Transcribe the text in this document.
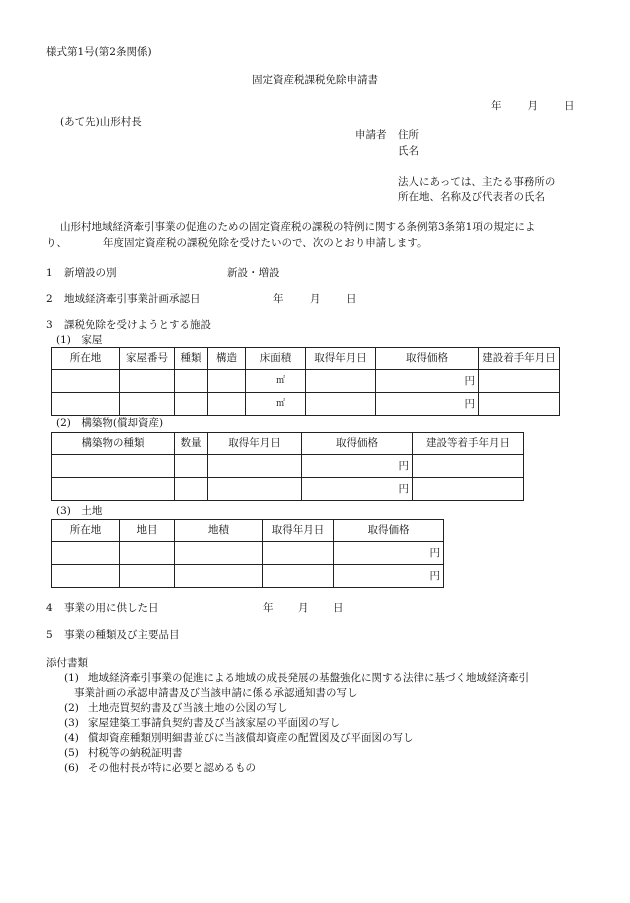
様式第1号(第2条関係)
固定資産税課税免除申請書
年 月 日
(あて先)山形村長
申請者 住所
氏名
法人にあっては、主たる事務所の
所在地、名称及び代表者の氏名
山形村地域経済牽引事業の促進のための固定資産税の課税の特例に関する条例第3条第1項の規定によ
り、	年度固定資産税の課税免除を受けたいので、次のとおり申請します。
1 新増設の別	新設・増設
2 地域経済牽引事業計画承認日	年	月 日
3 課税免除を受けようとする施設
(1)　家屋
所在地	家屋番号	種類	構造	床面積	取得年月日	取得価格	建設着手年月日
				㎡		円	
				㎡		円	
(2)　構築物(償却資産)
構築物の種類	数量	取得年月日	取得価格	建設等着手年月日
			円	
			円	
(3)　土地
所在地	地目	地積	取得年月日	取得価格
				円
				円
4 事業の用に供した日	年 月 日
5 事業の種類及び主要品目
添付書類
(1) 地域経済牽引事業の促進による地域の成長発展の基盤強化に関する法律に基づく地域経済牽引
事業計画の承認申請書及び当該申請に係る承認通知書の写し
(2) 土地売買契約書及び当該土地の公図の写し
(3) 家屋建築工事請負契約書及び当該家屋の平面図の写し
(4) 償却資産種類別明細書並びに当該償却資産の配置図及び平面図の写し
(5) 村税等の納税証明書
(6) その他村長が特に必要と認めるもの
